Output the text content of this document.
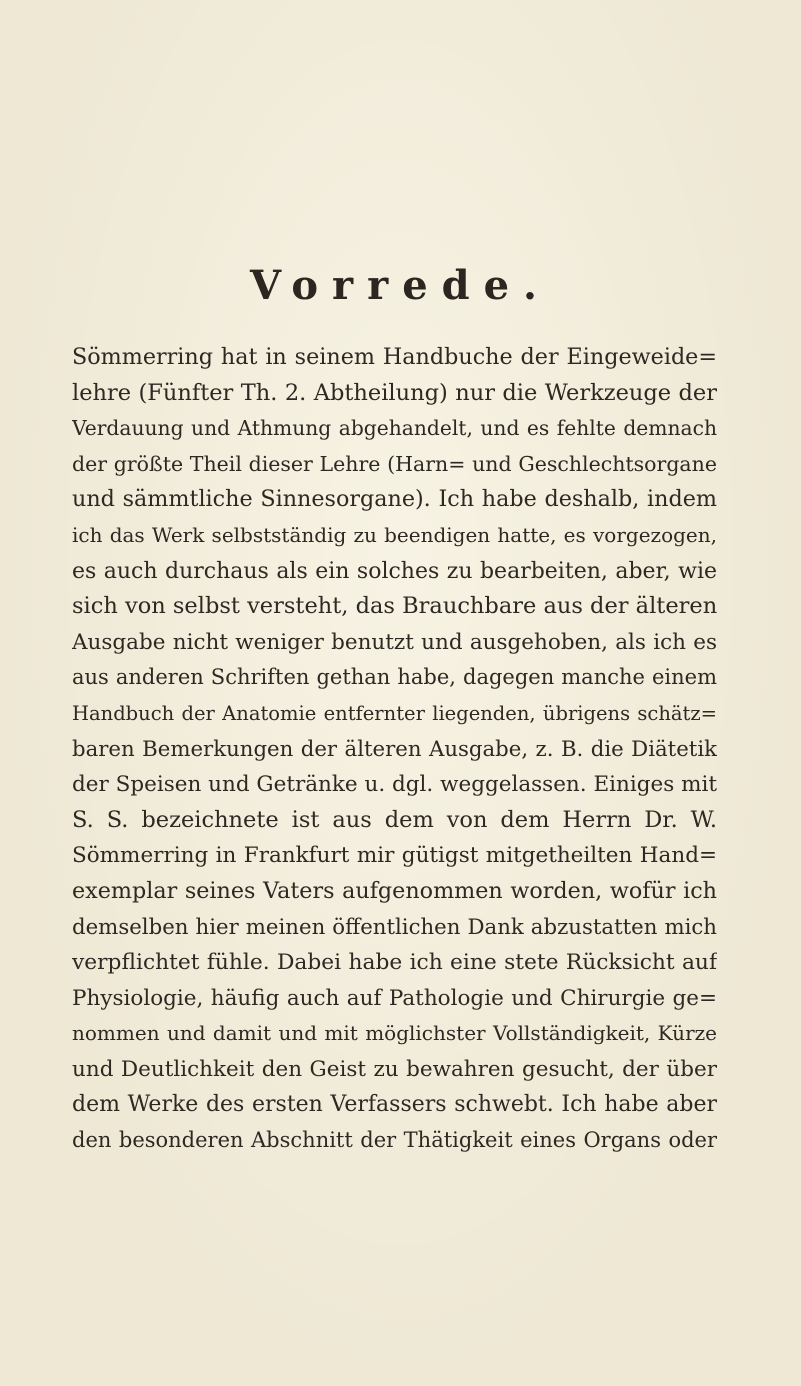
Vorrede.
Sömmerring hat in seinem Handbuche der Eingeweide=
lehre (Fünfter Th. 2. Abtheilung) nur die Werkzeuge der
Verdauung und Athmung abgehandelt, und es fehlte demnach
der größte Theil dieser Lehre (Harn= und Geschlechtsorgane
und sämmtliche Sinnesorgane). Ich habe deshalb, indem
ich das Werk selbstständig zu beendigen hatte, es vorgezogen,
es auch durchaus als ein solches zu bearbeiten, aber, wie
sich von selbst versteht, das Brauchbare aus der älteren
Ausgabe nicht weniger benutzt und ausgehoben, als ich es
aus anderen Schriften gethan habe, dagegen manche einem
Handbuch der Anatomie entfernter liegenden, übrigens schätz=
baren Bemerkungen der älteren Ausgabe, z. B. die Diätetik
der Speisen und Getränke u. dgl. weggelassen. Einiges mit
S. S. bezeichnete ist aus dem von dem Herrn Dr. W.
Sömmerring in Frankfurt mir gütigst mitgetheilten Hand=
exemplar seines Vaters aufgenommen worden, wofür ich
demselben hier meinen öffentlichen Dank abzustatten mich
verpflichtet fühle. Dabei habe ich eine stete Rücksicht auf
Physiologie, häufig auch auf Pathologie und Chirurgie ge=
nommen und damit und mit möglichster Vollständigkeit, Kürze
und Deutlichkeit den Geist zu bewahren gesucht, der über
dem Werke des ersten Verfassers schwebt. Ich habe aber
den besonderen Abschnitt der Thätigkeit eines Organs oder
